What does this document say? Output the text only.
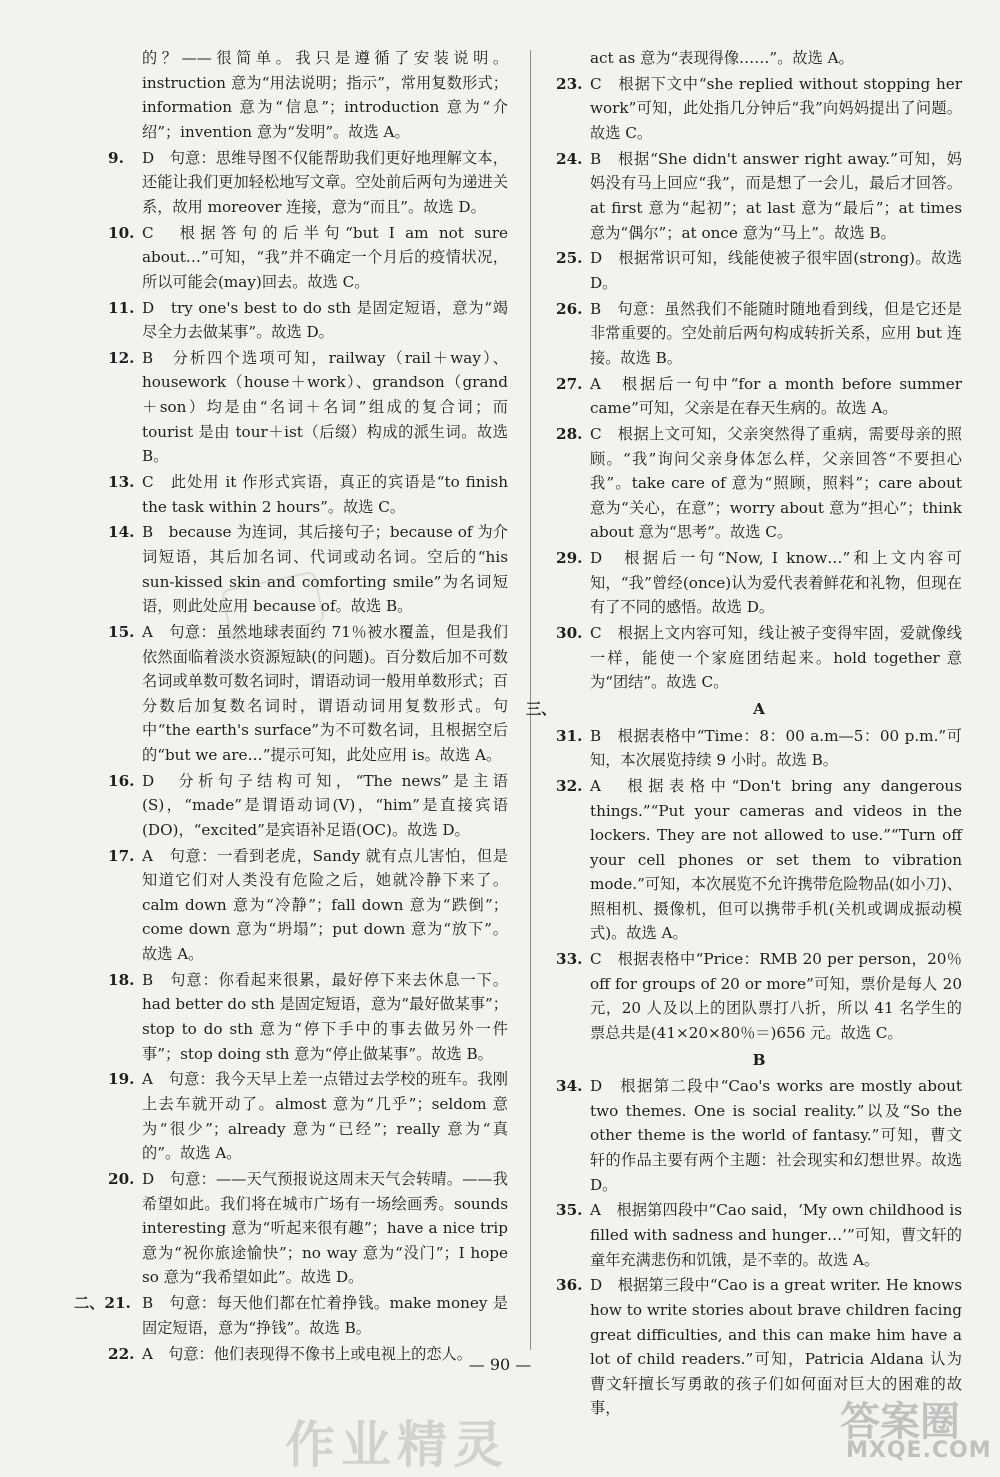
的？——很简单。我只是遵循了安装说明。instruction 意为“用法说明；指示”，常用复数形式；information 意为“信息”；introduction 意为“介绍”；invention 意为“发明”。故选 A。

9. D　句意：思维导图不仅能帮助我们更好地理解文本，还能让我们更加轻松地写文章。空处前后两句为递进关系，故用 moreover 连接，意为“而且”。故选 D。

10. C　根据答句的后半句“but I am not sure about…”可知，“我”并不确定一个月后的疫情状况，所以可能会(may)回去。故选 C。

11. D　try one's best to do sth 是固定短语，意为“竭尽全力去做某事”。故选 D。

12. B　分析四个选项可知，railway（rail＋way）、housework（house＋work）、grandson（grand＋son）均是由“名词＋名词”组成的复合词；而 tourist 是由 tour＋ist（后缀）构成的派生词。故选 B。

13. C　此处用 it 作形式宾语，真正的宾语是“to finish the task within 2 hours”。故选 C。

14. B　because 为连词，其后接句子；because of 为介词短语，其后加名词、代词或动名词。空后的“his sun-kissed skin and comforting smile”为名词短语，则此处应用 because of。故选 B。

15. A　句意：虽然地球表面约 71％被水覆盖，但是我们依然面临着淡水资源短缺(的问题)。百分数后加不可数名词或单数可数名词时，谓语动词一般用单数形式；百分数后加复数名词时，谓语动词用复数形式。句中“the earth's surface”为不可数名词，且根据空后的“but we are…”提示可知，此处应用 is。故选 A。

16. D　分析句子结构可知，“The news”是主语(S)，“made”是谓语动词(V)，“him”是直接宾语(DO)，“excited”是宾语补足语(OC)。故选 D。

17. A　句意：一看到老虎，Sandy 就有点儿害怕，但是知道它们对人类没有危险之后，她就冷静下来了。calm down 意为“冷静”；fall down 意为“跌倒”；come down 意为“坍塌”；put down 意为“放下”。故选 A。

18. B　句意：你看起来很累，最好停下来去休息一下。had better do sth 是固定短语，意为“最好做某事”；stop to do sth 意为“停下手中的事去做另外一件事”；stop doing sth 意为“停止做某事”。故选 B。

19. A　句意：我今天早上差一点错过去学校的班车。我刚上去车就开动了。almost 意为“几乎”；seldom 意为“很少”；already 意为“已经”；really 意为“真的”。故选 A。

20. D　句意：——天气预报说这周末天气会转晴。——我希望如此。我们将在城市广场有一场绘画秀。sounds interesting 意为“听起来很有趣”；have a nice trip 意为“祝你旅途愉快”；no way 意为“没门”；I hope so 意为“我希望如此”。故选 D。

二、21. B　句意：每天他们都在忙着挣钱。make money 是固定短语，意为“挣钱”。故选 B。

22. A　句意：他们表现得不像书上或电视上的恋人。

act as 意为“表现得像……”。故选 A。

23. C　根据下文中“she replied without stopping her work”可知，此处指几分钟后“我”向妈妈提出了问题。故选 C。

24. B　根据“She didn't answer right away.”可知，妈妈没有马上回应“我”，而是想了一会儿，最后才回答。at first 意为“起初”；at last 意为“最后”；at times 意为“偶尔”；at once 意为“马上”。故选 B。

25. D　根据常识可知，线能使被子很牢固(strong)。故选 D。

26. B　句意：虽然我们不能随时随地看到线，但是它还是非常重要的。空处前后两句构成转折关系，应用 but 连接。故选 B。

27. A　根据后一句中“for a month before summer came”可知，父亲是在春天生病的。故选 A。

28. C　根据上文可知，父亲突然得了重病，需要母亲的照顾。“我”询问父亲身体怎么样，父亲回答“不要担心我”。take care of 意为“照顾，照料”；care about 意为“关心，在意”；worry about 意为“担心”；think about 意为“思考”。故选 C。

29. D　根据后一句“Now, I know…”和上文内容可知，“我”曾经(once)认为爱代表着鲜花和礼物，但现在有了不同的感悟。故选 D。

30. C　根据上文内容可知，线让被子变得牢固，爱就像线一样，能使一个家庭团结起来。hold together 意为“团结”。故选 C。

三、	A
31. B　根据表格中“Time：8：00 a.m—5：00 p.m.”可知，本次展览持续 9 小时。故选 B。

32. A　根据表格中“Don't bring any dangerous things.”“Put your cameras and videos in the lockers. They are not allowed to use.”“Turn off your cell phones or set them to vibration mode.”可知，本次展览不允许携带危险物品(如小刀)、照相机、摄像机，但可以携带手机(关机或调成振动模式)。故选 A。

33. C　根据表格中“Price：RMB 20 per person，20％ off for groups of 20 or more”可知，票价是每人 20 元，20 人及以上的团队票打八折，所以 41 名学生的票总共是(41×20×80％＝)656 元。故选 C。

B
34. D　根据第二段中“Cao's works are mostly about two themes. One is social reality.”以及“So the other theme is the world of fantasy.”可知，曹文轩的作品主要有两个主题：社会现实和幻想世界。故选 D。

35. A　根据第四段中“Cao said，‘My own childhood is filled with sadness and hunger…’”可知，曹文轩的童年充满悲伤和饥饿，是不幸的。故选 A。

36. D　根据第三段中“Cao is a great writer. He knows how to write stories about brave children facing great difficulties, and this can make him have a lot of child readers.”可知，Patricia Aldana 认为曹文轩擅长写勇敢的孩子们如何面对巨大的困难的故事，

— 90 —
作业精灵	答案圈
MXQE.COM
